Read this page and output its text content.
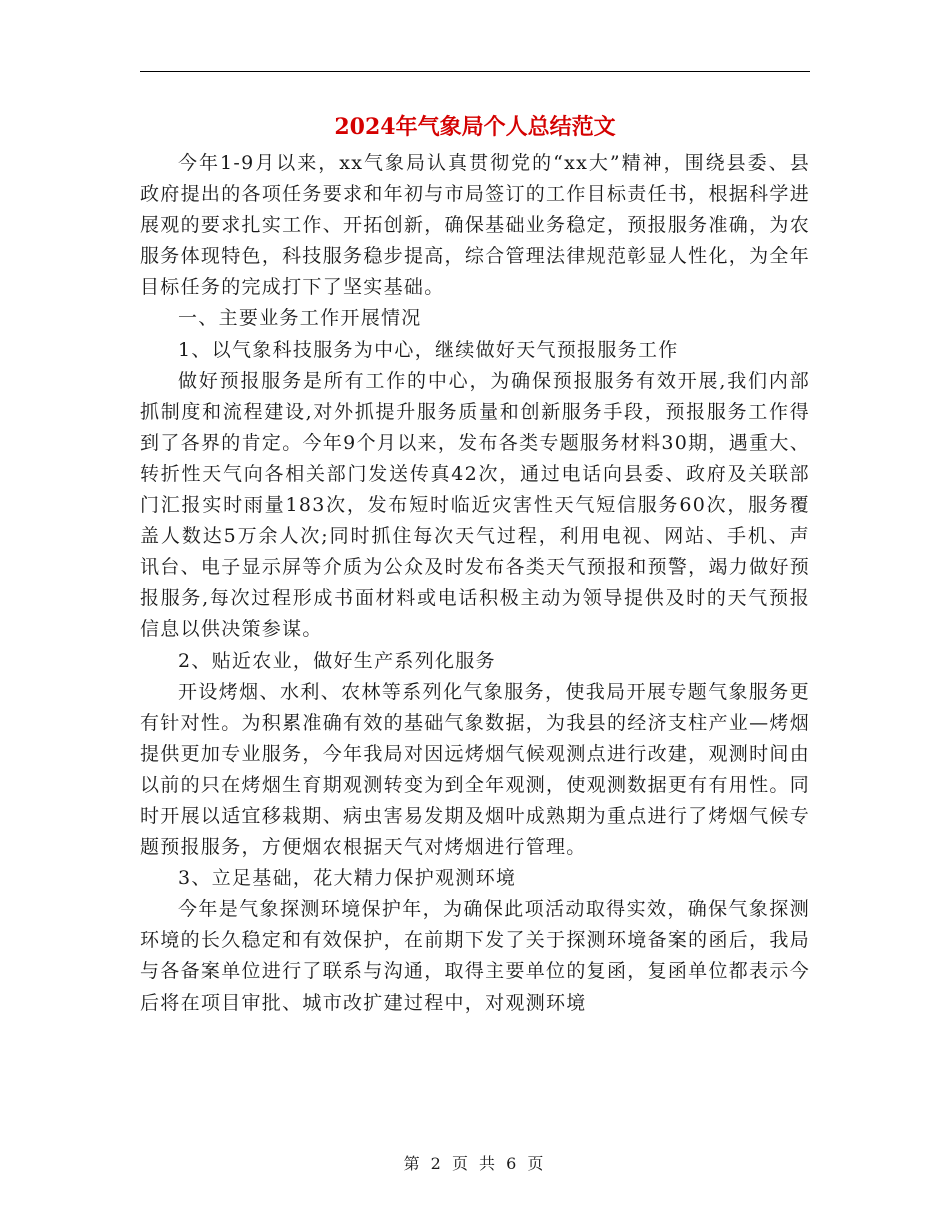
2024年气象局个人总结范文

今年1-9月以来，xx气象局认真贯彻党的“xx大”精神，围绕县委、县政府提出的各项任务要求和年初与市局签订的工作目标责任书，根据科学进展观的要求扎实工作、开拓创新，确保基础业务稳定，预报服务准确，为农服务体现特色，科技服务稳步提高，综合管理法律规范彰显人性化，为全年目标任务的完成打下了坚实基础。

一、主要业务工作开展情况

1、以气象科技服务为中心，继续做好天气预报服务工作

做好预报服务是所有工作的中心，为确保预报服务有效开展,我们内部抓制度和流程建设,对外抓提升服务质量和创新服务手段，预报服务工作得到了各界的肯定。今年9个月以来，发布各类专题服务材料30期，遇重大、转折性天气向各相关部门发送传真42次，通过电话向县委、政府及关联部门汇报实时雨量183次，发布短时临近灾害性天气短信服务60次，服务覆盖人数达5万余人次;同时抓住每次天气过程，利用电视、网站、手机、声讯台、电子显示屏等介质为公众及时发布各类天气预报和预警，竭力做好预报服务,每次过程形成书面材料或电话积极主动为领导提供及时的天气预报信息以供决策参谋。

2、贴近农业，做好生产系列化服务

开设烤烟、水利、农林等系列化气象服务，使我局开展专题气象服务更有针对性。为积累准确有效的基础气象数据，为我县的经济支柱产业—烤烟提供更加专业服务，今年我局对因远烤烟气候观测点进行改建，观测时间由以前的只在烤烟生育期观测转变为到全年观测，使观测数据更有有用性。同时开展以适宜移栽期、病虫害易发期及烟叶成熟期为重点进行了烤烟气候专题预报服务，方便烟农根据天气对烤烟进行管理。

3、立足基础，花大精力保护观测环境

今年是气象探测环境保护年，为确保此项活动取得实效，确保气象探测环境的长久稳定和有效保护，在前期下发了关于探测环境备案的函后，我局与各备案单位进行了联系与沟通，取得主要单位的复函，复函单位都表示今后将在项目审批、城市改扩建过程中，对观测环境

第 2 页 共 6 页
